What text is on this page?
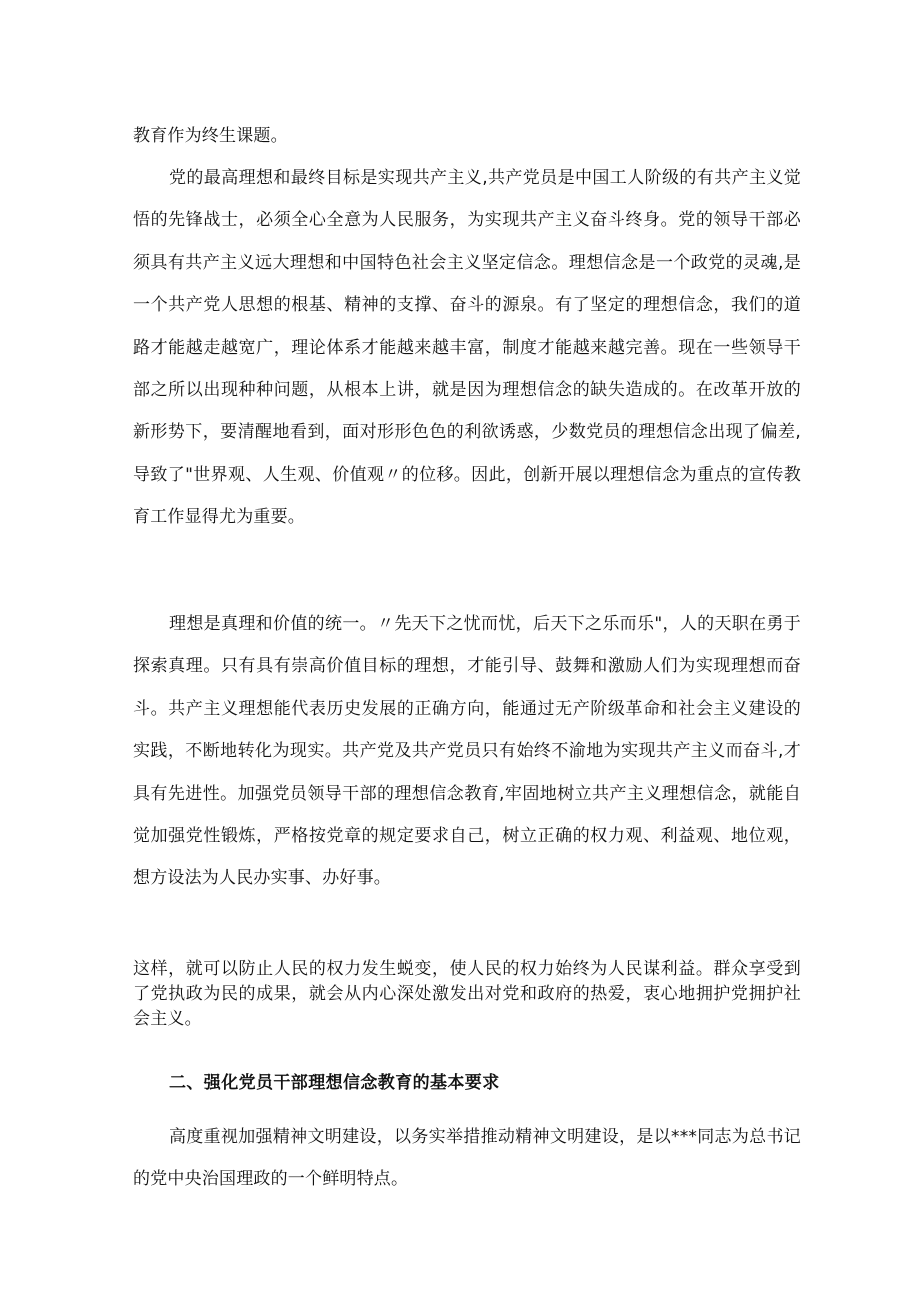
教育作为终生课题。

党的最高理想和最终目标是实现共产主义,共产党员是中国工人阶级的有共产主义觉悟的先锋战士，必须全心全意为人民服务，为实现共产主义奋斗终身。党的领导干部必须具有共产主义远大理想和中国特色社会主义坚定信念。理想信念是一个政党的灵魂,是一个共产党人思想的根基、精神的支撑、奋斗的源泉。有了坚定的理想信念，我们的道路才能越走越宽广，理论体系才能越来越丰富，制度才能越来越完善。现在一些领导干部之所以出现种种问题，从根本上讲，就是因为理想信念的缺失造成的。在改革开放的新形势下，要清醒地看到，面对形形色色的利欲诱惑，少数党员的理想信念出现了偏差,导致了"世界观、人生观、价值观〃的位移。因此，创新开展以理想信念为重点的宣传教育工作显得尤为重要。

理想是真理和价值的统一。〃先天下之忧而忧，后天下之乐而乐"，人的天职在勇于探索真理。只有具有崇高价值目标的理想，才能引导、鼓舞和激励人们为实现理想而奋斗。共产主义理想能代表历史发展的正确方向，能通过无产阶级革命和社会主义建设的实践，不断地转化为现实。共产党及共产党员只有始终不渝地为实现共产主义而奋斗,才具有先进性。加强党员领导干部的理想信念教育,牢固地树立共产主义理想信念，就能自觉加强党性锻炼，严格按党章的规定要求自己，树立正确的权力观、利益观、地位观，想方设法为人民办实事、办好事。

这样，就可以防止人民的权力发生蜕变，使人民的权力始终为人民谋利益。群众享受到了党执政为民的成果，就会从内心深处激发出对党和政府的热爱，衷心地拥护党拥护社会主义。

二、强化党员干部理想信念教育的基本要求

高度重视加强精神文明建设，以务实举措推动精神文明建设，是以***同志为总书记的党中央治国理政的一个鲜明特点。
